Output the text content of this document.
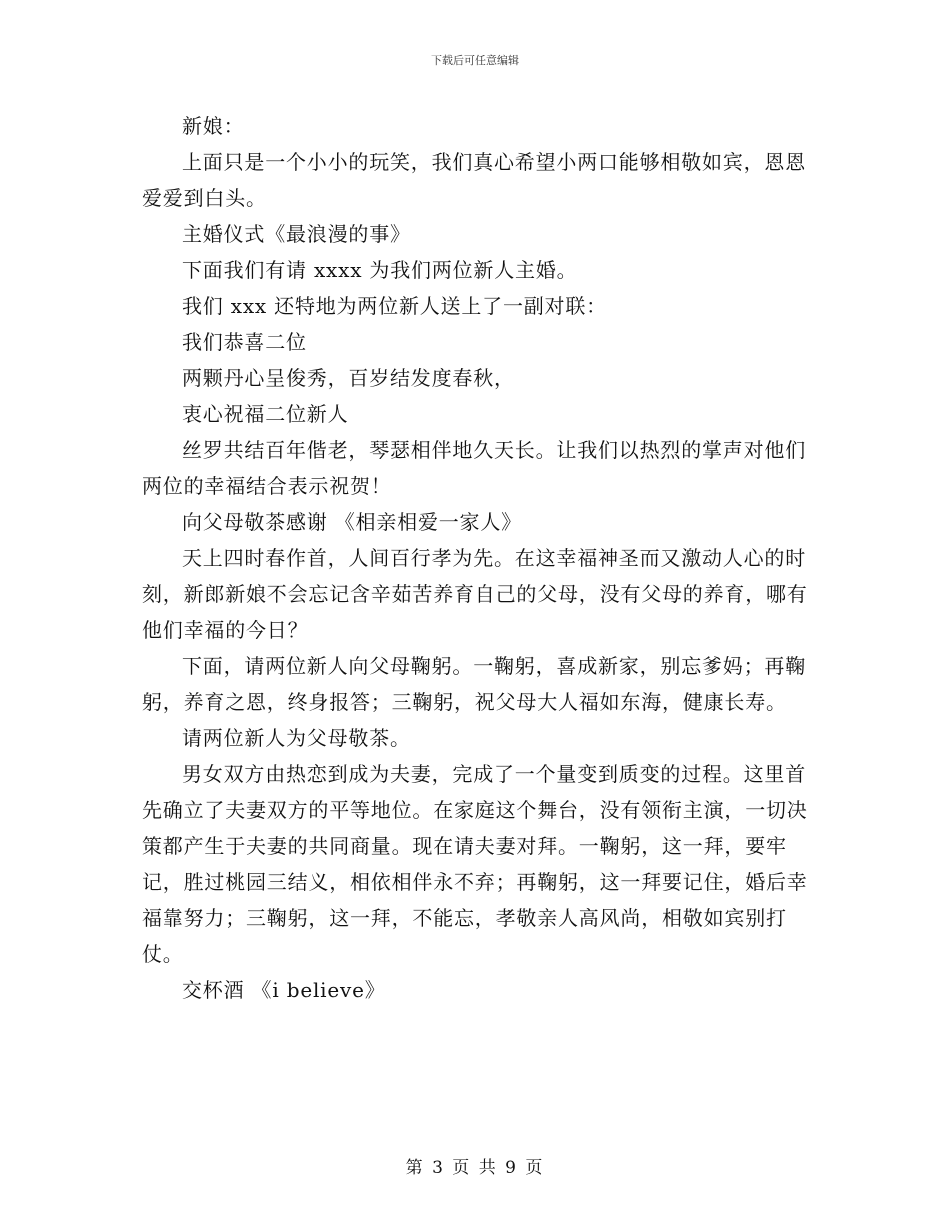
下载后可任意编辑

新娘：

上面只是一个小小的玩笑，我们真心希望小两口能够相敬如宾，恩恩爱爱到白头。

主婚仪式《最浪漫的事》

下面我们有请 xxxx 为我们两位新人主婚。

我们 xxx 还特地为两位新人送上了一副对联：

我们恭喜二位

两颗丹心呈俊秀，百岁结发度春秋，

衷心祝福二位新人

丝罗共结百年偕老，琴瑟相伴地久天长。让我们以热烈的掌声对他们两位的幸福结合表示祝贺！

向父母敬茶感谢 《相亲相爱一家人》

天上四时春作首，人间百行孝为先。在这幸福神圣而又激动人心的时刻，新郎新娘不会忘记含辛茹苦养育自己的父母，没有父母的养育，哪有他们幸福的今日？

下面，请两位新人向父母鞠躬。一鞠躬，喜成新家，别忘爹妈；再鞠躬，养育之恩，终身报答；三鞠躬，祝父母大人福如东海，健康长寿。

请两位新人为父母敬茶。

男女双方由热恋到成为夫妻，完成了一个量变到质变的过程。这里首先确立了夫妻双方的平等地位。在家庭这个舞台，没有领衔主演，一切决策都产生于夫妻的共同商量。现在请夫妻对拜。一鞠躬，这一拜，要牢记，胜过桃园三结义，相依相伴永不弃；再鞠躬，这一拜要记住，婚后幸福靠努力；三鞠躬，这一拜，不能忘，孝敬亲人高风尚，相敬如宾别打仗。

交杯酒 《i believe》

第 3 页 共 9 页
